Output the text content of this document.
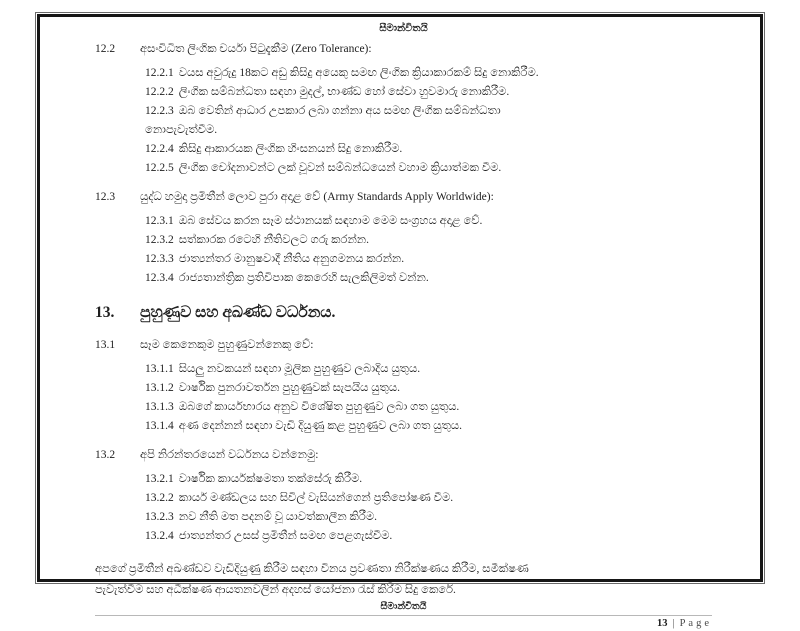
සීමාන්විතයි
12.2	අසංවිධිත ලිංගික චර්යා පිටුදැකීම (Zero Tolerance):
12.2.1 වයස අවුරුදු 18කට අඩු කිසිදු අයෙකු සමඟ ලිංගික ක්‍රියාකාරකම් සිදු නොකිරීම.
12.2.2 ලිංගික සම්බන්ධතා සඳහා මුදල්, භාණ්ඩ හෝ සේවා හුවමාරු නොකිරීම.
12.2.3 ඔබ වෙතින් ආධාර උපකාර ලබා ගන්නා අය සමඟ ලිංගික සම්බන්ධතා
නොපැවැත්වීම.
12.2.4 කිසිදු ආකාරයක ලිංගික හිංසනයන් සිදු නොකිරීම.
12.2.5 ලිංගික චෝදනාවන්ට ලක් වූවන් සම්බන්ධයෙන් වහාම ක්‍රියාත්මක වීම.
12.3	යුද්ධ හමුදා ප්‍රමිතීන් ලොව පුරා අදාළ වේ (Army Standards Apply Worldwide):
12.3.1 ඔබ සේවය කරන සෑම ස්ථානයක් සඳහාම මෙම සංග්‍රහය අදාළ වේ.
12.3.2 සත්කාරක රටෙහි නීතිවලට ගරු කරන්න.
12.3.3 ජාත්‍යන්තර මානුෂවාදී නීතිය අනුගමනය කරන්න.
12.3.4 රාජ්‍යතාන්ත්‍රික ප්‍රතිවිපාක කෙරෙහි සැලකිලිමත් වන්න.
13.	පුහුණුව සහ අඛණ්ඩ වර්ධනය.
13.1	සෑම කෙනෙකුම පුහුණුවන්නෙකු වේ:
13.1.1 සියලු නවකයන් සඳහා මූලික පුහුණුව ලබාදිය යුතුය.
13.1.2 වාර්ෂික පුනරාවර්තන පුහුණුවක් සැපයිය යුතුය.
13.1.3 ඔබගේ කාර්යභාරය අනුව විශේෂිත පුහුණුව ලබා ගත යුතුය.
13.1.4 අණ දෙන්නන් සඳහා වැඩි දියුණු කළ පුහුණුව ලබා ගත යුතුය.
13.2	අපි නිරන්තරයෙන් වර්ධනය වන්නෙමු:
13.2.1 වාර්ෂික කාර්යක්ෂමතා තක්සේරු කිරීම.
13.2.2 කාර්ය මණ්ඩලය සහ සිවිල් වැසියන්ගෙන් ප්‍රතිපෝෂණ වීම.
13.2.3 නව නීති මත පදනම් වූ යාවත්කාලීන කිරීම.
13.2.4 ජාත්‍යන්තර උසස් ප්‍රමිතීන් සමඟ පෙළගැස්වීම.
අපගේ ප්‍රමිතීන් අඛණ්ඩව වැඩිදියුණු කිරීම සඳහා විනය ප්‍රවණතා නිරීක්ෂණය කිරීම, සමීක්ෂණ
පැවැත්වීම සහ අධීක්ෂණ ආයතනවලින් අදහස් යෝජනා රැස් කිරීම සිදු කෙරේ.
සීමාන්විතයි
13 | Page
